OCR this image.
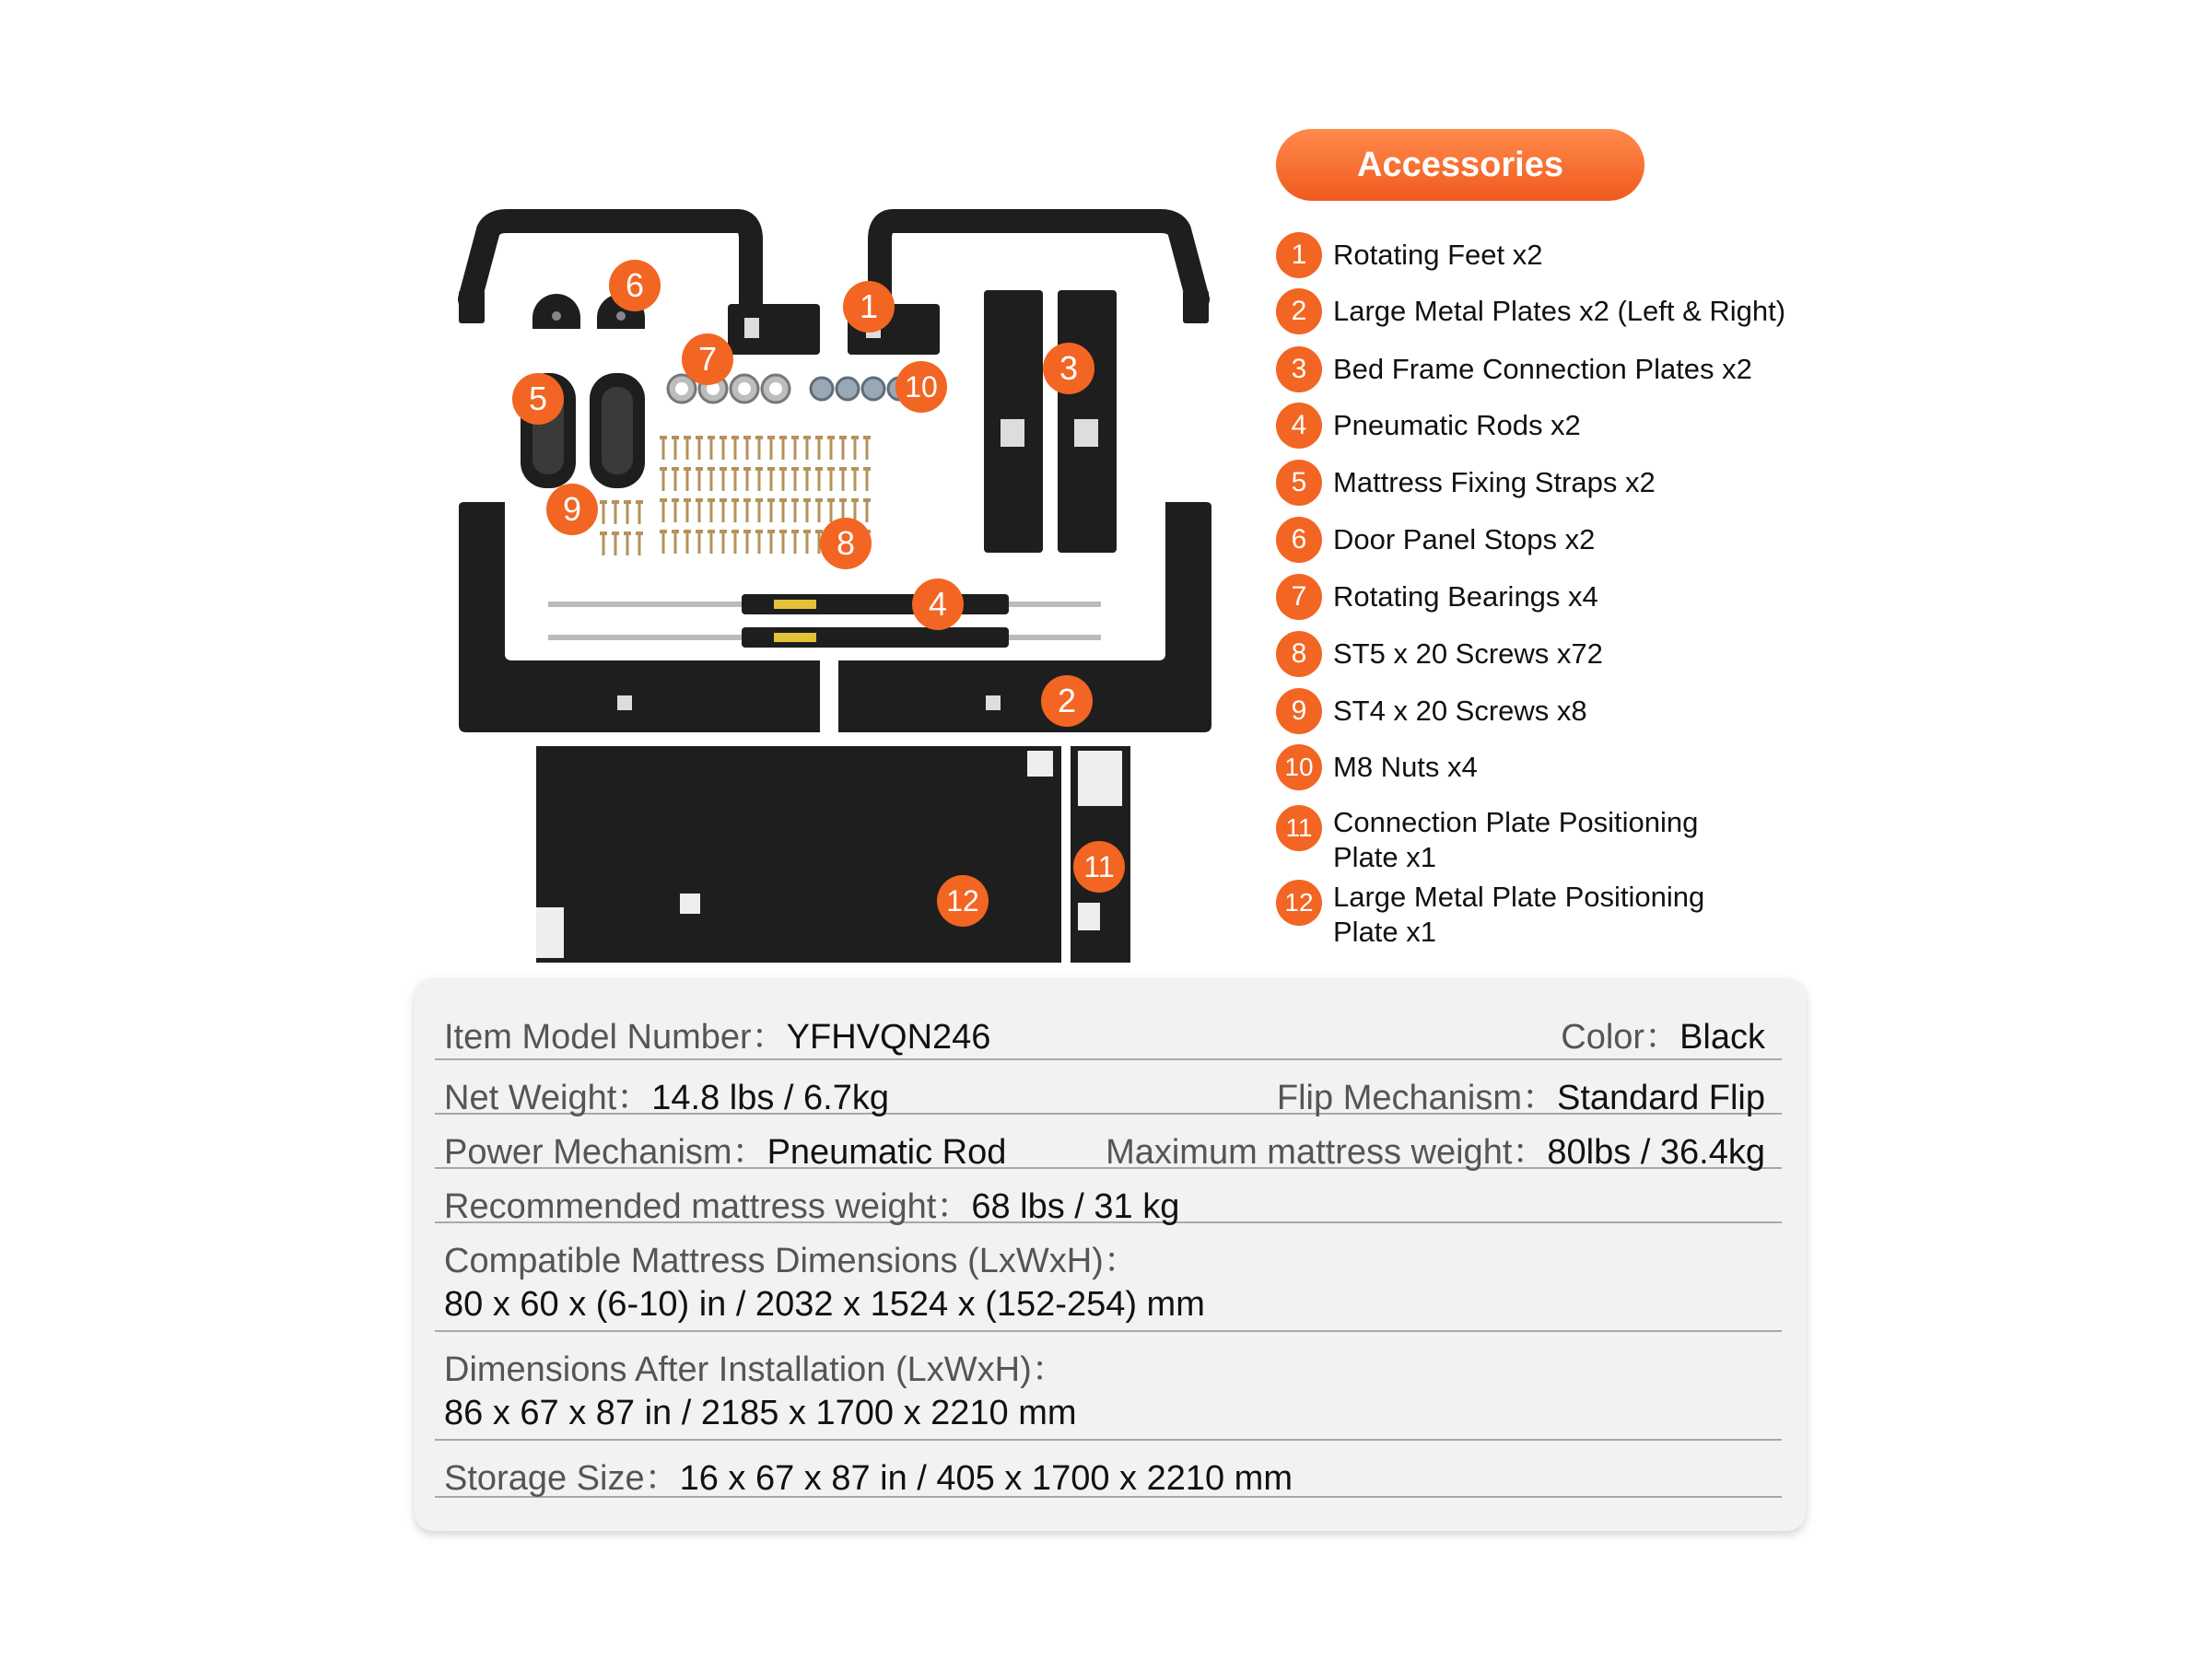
1
2
3
4
5
6
7
8
9
10
11
12
Accessories
1 Rotating Feet x2
2 Large Metal Plates x2 (Left & Right)
3 Bed Frame Connection Plates x2
4 Pneumatic Rods x2
5 Mattress Fixing Straps x2
6 Door Panel Stops x2
7 Rotating Bearings x4
8 ST5 x 20 Screws x72
9 ST4 x 20 Screws x8
10 M8 Nuts x4
11 Connection Plate Positioning
Plate x1
12 Large Metal Plate Positioning
Plate x1
Item Model Number：YFHVQN246	Color：Black
Net Weight：14.8 lbs / 6.7kg	Flip Mechanism：Standard Flip
Power Mechanism：Pneumatic Rod	Maximum mattress weight：80lbs / 36.4kg
Recommended mattress weight：68 lbs / 31 kg
Compatible Mattress Dimensions (LxWxH)：
80 x 60 x (6-10) in / 2032 x 1524 x (152-254) mm
Dimensions After Installation (LxWxH)：
86 x 67 x 87 in / 2185 x 1700 x 2210 mm
Storage Size：16 x 67 x 87 in / 405 x 1700 x 2210 mm
